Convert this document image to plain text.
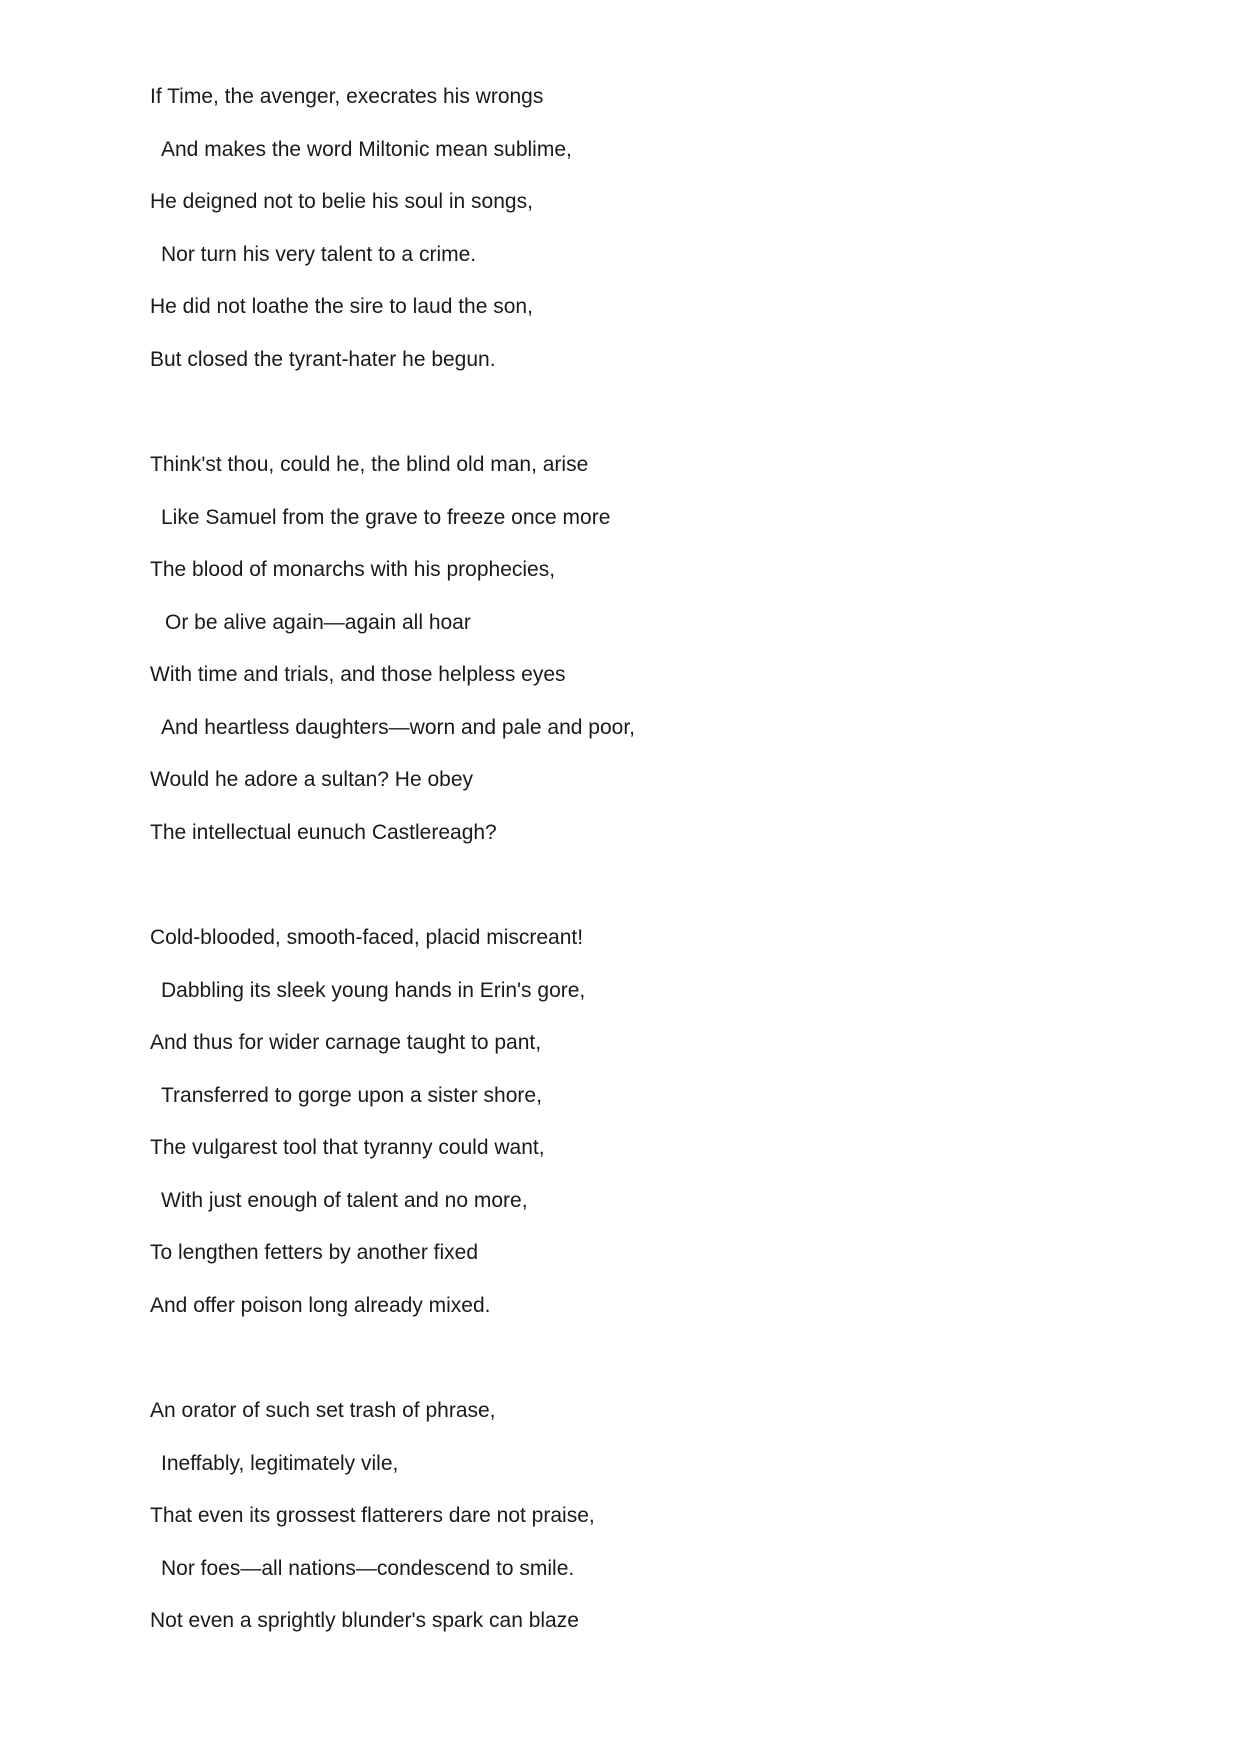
If Time, the avenger, execrates his wrongs
And makes the word Miltonic mean sublime,
He deigned not to belie his soul in songs,
Nor turn his very talent to a crime.
He did not loathe the sire to laud the son,
But closed the tyrant-hater he begun.
Think'st thou, could he, the blind old man, arise
Like Samuel from the grave to freeze once more
The blood of monarchs with his prophecies,
Or be alive again—again all hoar
With time and trials, and those helpless eyes
And heartless daughters—worn and pale and poor,
Would he adore a sultan? He obey
The intellectual eunuch Castlereagh?
Cold-blooded, smooth-faced, placid miscreant!
Dabbling its sleek young hands in Erin's gore,
And thus for wider carnage taught to pant,
Transferred to gorge upon a sister shore,
The vulgarest tool that tyranny could want,
With just enough of talent and no more,
To lengthen fetters by another fixed
And offer poison long already mixed.
An orator of such set trash of phrase,
Ineffably, legitimately vile,
That even its grossest flatterers dare not praise,
Nor foes—all nations—condescend to smile.
Not even a sprightly blunder's spark can blaze
